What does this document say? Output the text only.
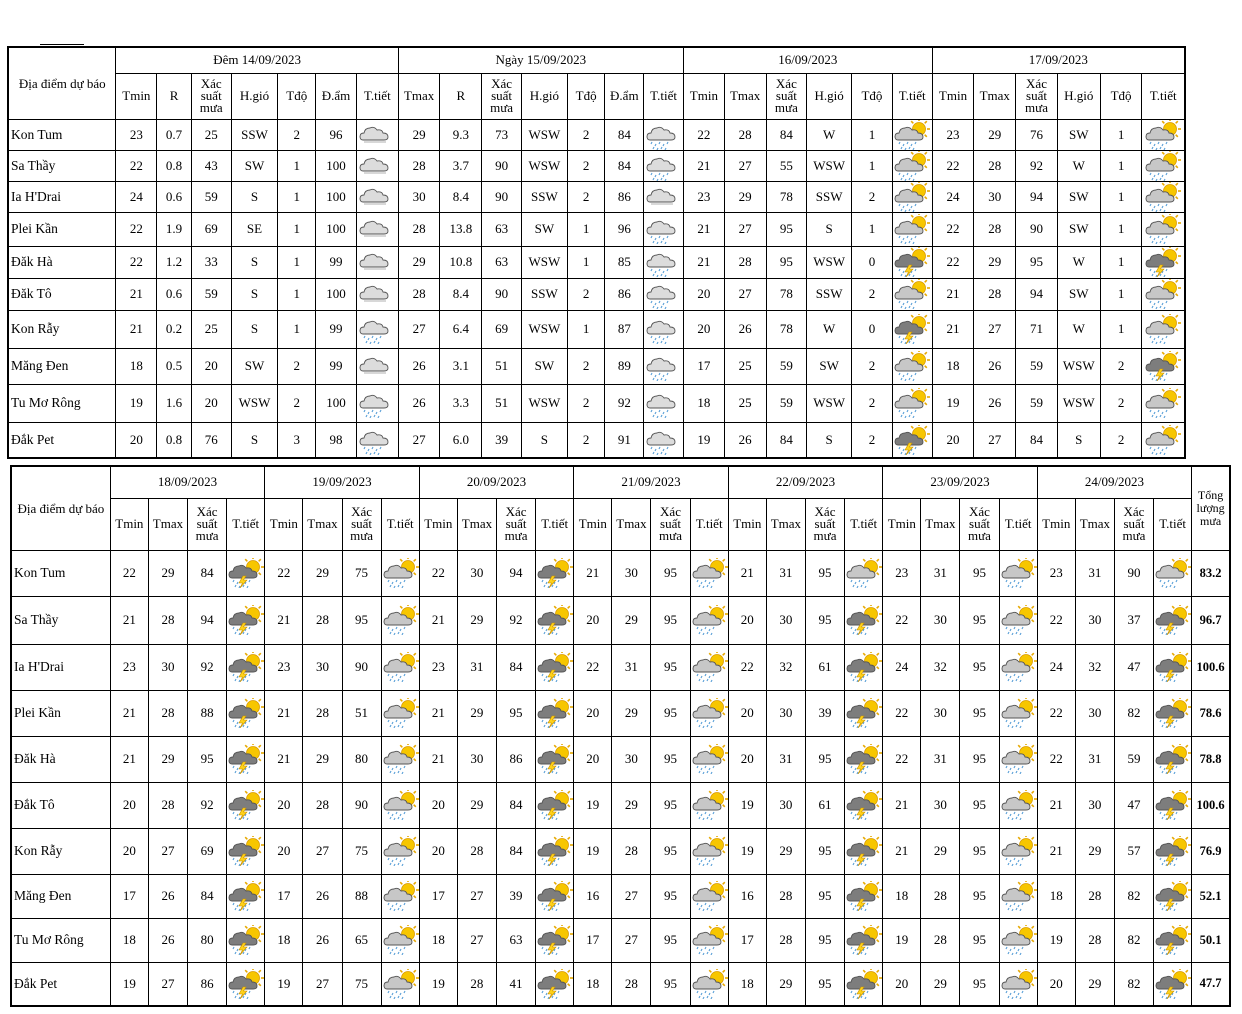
Địa điểm dự báo	Đêm 14/09/2023							Ngày 15/09/2023							16/09/2023						17/09/2023					
	Tmin	R	Xác suất mưa	H.gió	Tđộ	Đ.ẩm	T.tiết	Tmax	R	Xác suất mưa	H.gió	Tđộ	Đ.ẩm	T.tiết	Tmin	Tmax	Xác suất mưa	H.gió	Tđộ	T.tiết	Tmin	Tmax	Xác suất mưa	H.gió	Tđộ	T.tiết
Kon Tum	23	0.7	25	SSW	2	96		29	9.3	73	WSW	2	84		22	28	84	W	1		23	29	76	SW	1	

Sa Thầy	22	0.8	43	SW	1	100		28	3.7	90	WSW	2	84		21	27	55	WSW	1		22	28	92	W	1	

Ia H'Drai	24	0.6	59	S	1	100		30	8.4	90	SSW	2	86		23	29	78	SSW	2		24	30	94	SW	1	

Plei Kần	22	1.9	69	SE	1	100		28	13.8	63	SW	1	96		21	27	95	S	1		22	28	90	SW	1	

Đăk Hà	22	1.2	33	S	1	99		29	10.8	63	WSW	1	85		21	28	95	WSW	0		22	29	95	W	1	

Đăk Tô	21	0.6	59	S	1	100		28	8.4	90	SSW	2	86		20	27	78	SSW	2		21	28	94	SW	1	

Kon Rẫy	21	0.2	25	S	1	99		27	6.4	69	WSW	1	87		20	26	78	W	0		21	27	71	W	1	

Măng Đen	18	0.5	20	SW	2	99		26	3.1	51	SW	2	89		17	25	59	SW	2		18	26	59	WSW	2	

Tu Mơ Rông	19	1.6	20	WSW	2	100		26	3.3	51	WSW	2	92		18	25	59	WSW	2		19	26	59	WSW	2	

Đắk Pet	20	0.8	76	S	3	98		27	6.0	39	S	2	91		19	26	84	S	2		20	27	84	S	2	
Địa điểm dự báo	18/09/2023				19/09/2023				20/09/2023				21/09/2023				22/09/2023				23/09/2023				24/09/2023				Tổng lượng mưa
	Tmin	Tmax	Xác suất mưa	T.tiết	Tmin	Tmax	Xác suất mưa	T.tiết	Tmin	Tmax	Xác suất mưa	T.tiết	Tmin	Tmax	Xác suất mưa	T.tiết	Tmin	Tmax	Xác suất mưa	T.tiết	Tmin	Tmax	Xác suất mưa	T.tiết	Tmin	Tmax	Xác suất mưa	T.tiết	
Kon Tum	22	29	84		22	29	75		22	30	94		21	30	95		21	31	95		23	31	95		23	31	90		83.2
Sa Thầy	21	28	94		21	28	95		21	29	92		20	29	95		20	30	95		22	30	95		22	30	37		96.7
Ia H'Drai	23	30	92		23	30	90		23	31	84		22	31	95		22	32	61		24	32	95		24	32	47		100.6
Plei Kần	21	28	88		21	28	51		21	29	95		20	29	95		20	30	39		22	30	95		22	30	82		78.6
Đăk Hà	21	29	95		21	29	80		21	30	86		20	30	95		20	31	95		22	31	95		22	31	59		78.8
Đắk Tô	20	28	92		20	28	90		20	29	84		19	29	95		19	30	61		21	30	95		21	30	47		100.6
Kon Rẫy	20	27	69		20	27	75		20	28	84		19	28	95		19	29	95		21	29	95		21	29	57		76.9
Măng Đen	17	26	84		17	26	88		17	27	39		16	27	95		16	28	95		18	28	95		18	28	82		52.1
Tu Mơ Rông	18	26	80		18	26	65		18	27	63		17	27	95		17	28	95		19	28	95		19	28	82		50.1
Đắk Pet	19	27	86		19	27	75		19	28	41		18	28	95		18	29	95		20	29	95		20	29	82		47.7
